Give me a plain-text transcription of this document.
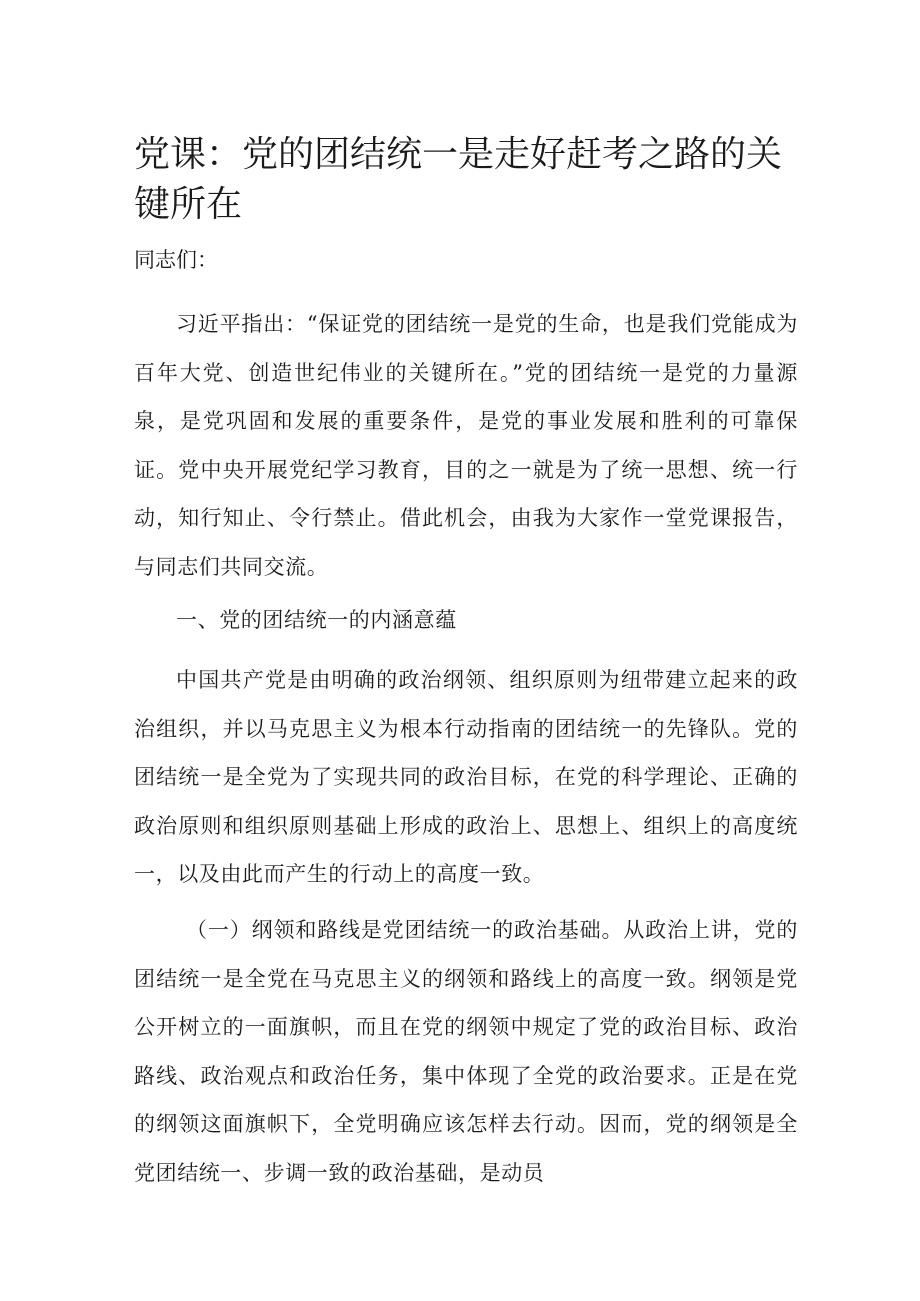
党课：党的团结统一是走好赶考之路的关键所在

同志们：

习近平指出：“保证党的团结统一是党的生命，也是我们党能成为百年大党、创造世纪伟业的关键所在。”党的团结统一是党的力量源泉，是党巩固和发展的重要条件，是党的事业发展和胜利的可靠保证。党中央开展党纪学习教育，目的之一就是为了统一思想、统一行动，知行知止、令行禁止。借此机会，由我为大家作一堂党课报告，与同志们共同交流。

一、党的团结统一的内涵意蕴

中国共产党是由明确的政治纲领、组织原则为纽带建立起来的政治组织，并以马克思主义为根本行动指南的团结统一的先锋队。党的团结统一是全党为了实现共同的政治目标，在党的科学理论、正确的政治原则和组织原则基础上形成的政治上、思想上、组织上的高度统一，以及由此而产生的行动上的高度一致。

（一）纲领和路线是党团结统一的政治基础。从政治上讲，党的团结统一是全党在马克思主义的纲领和路线上的高度一致。纲领是党公开树立的一面旗帜，而且在党的纲领中规定了党的政治目标、政治路线、政治观点和政治任务，集中体现了全党的政治要求。正是在党的纲领这面旗帜下，全党明确应该怎样去行动。因而，党的纲领是全党团结统一、步调一致的政治基础，是动员
